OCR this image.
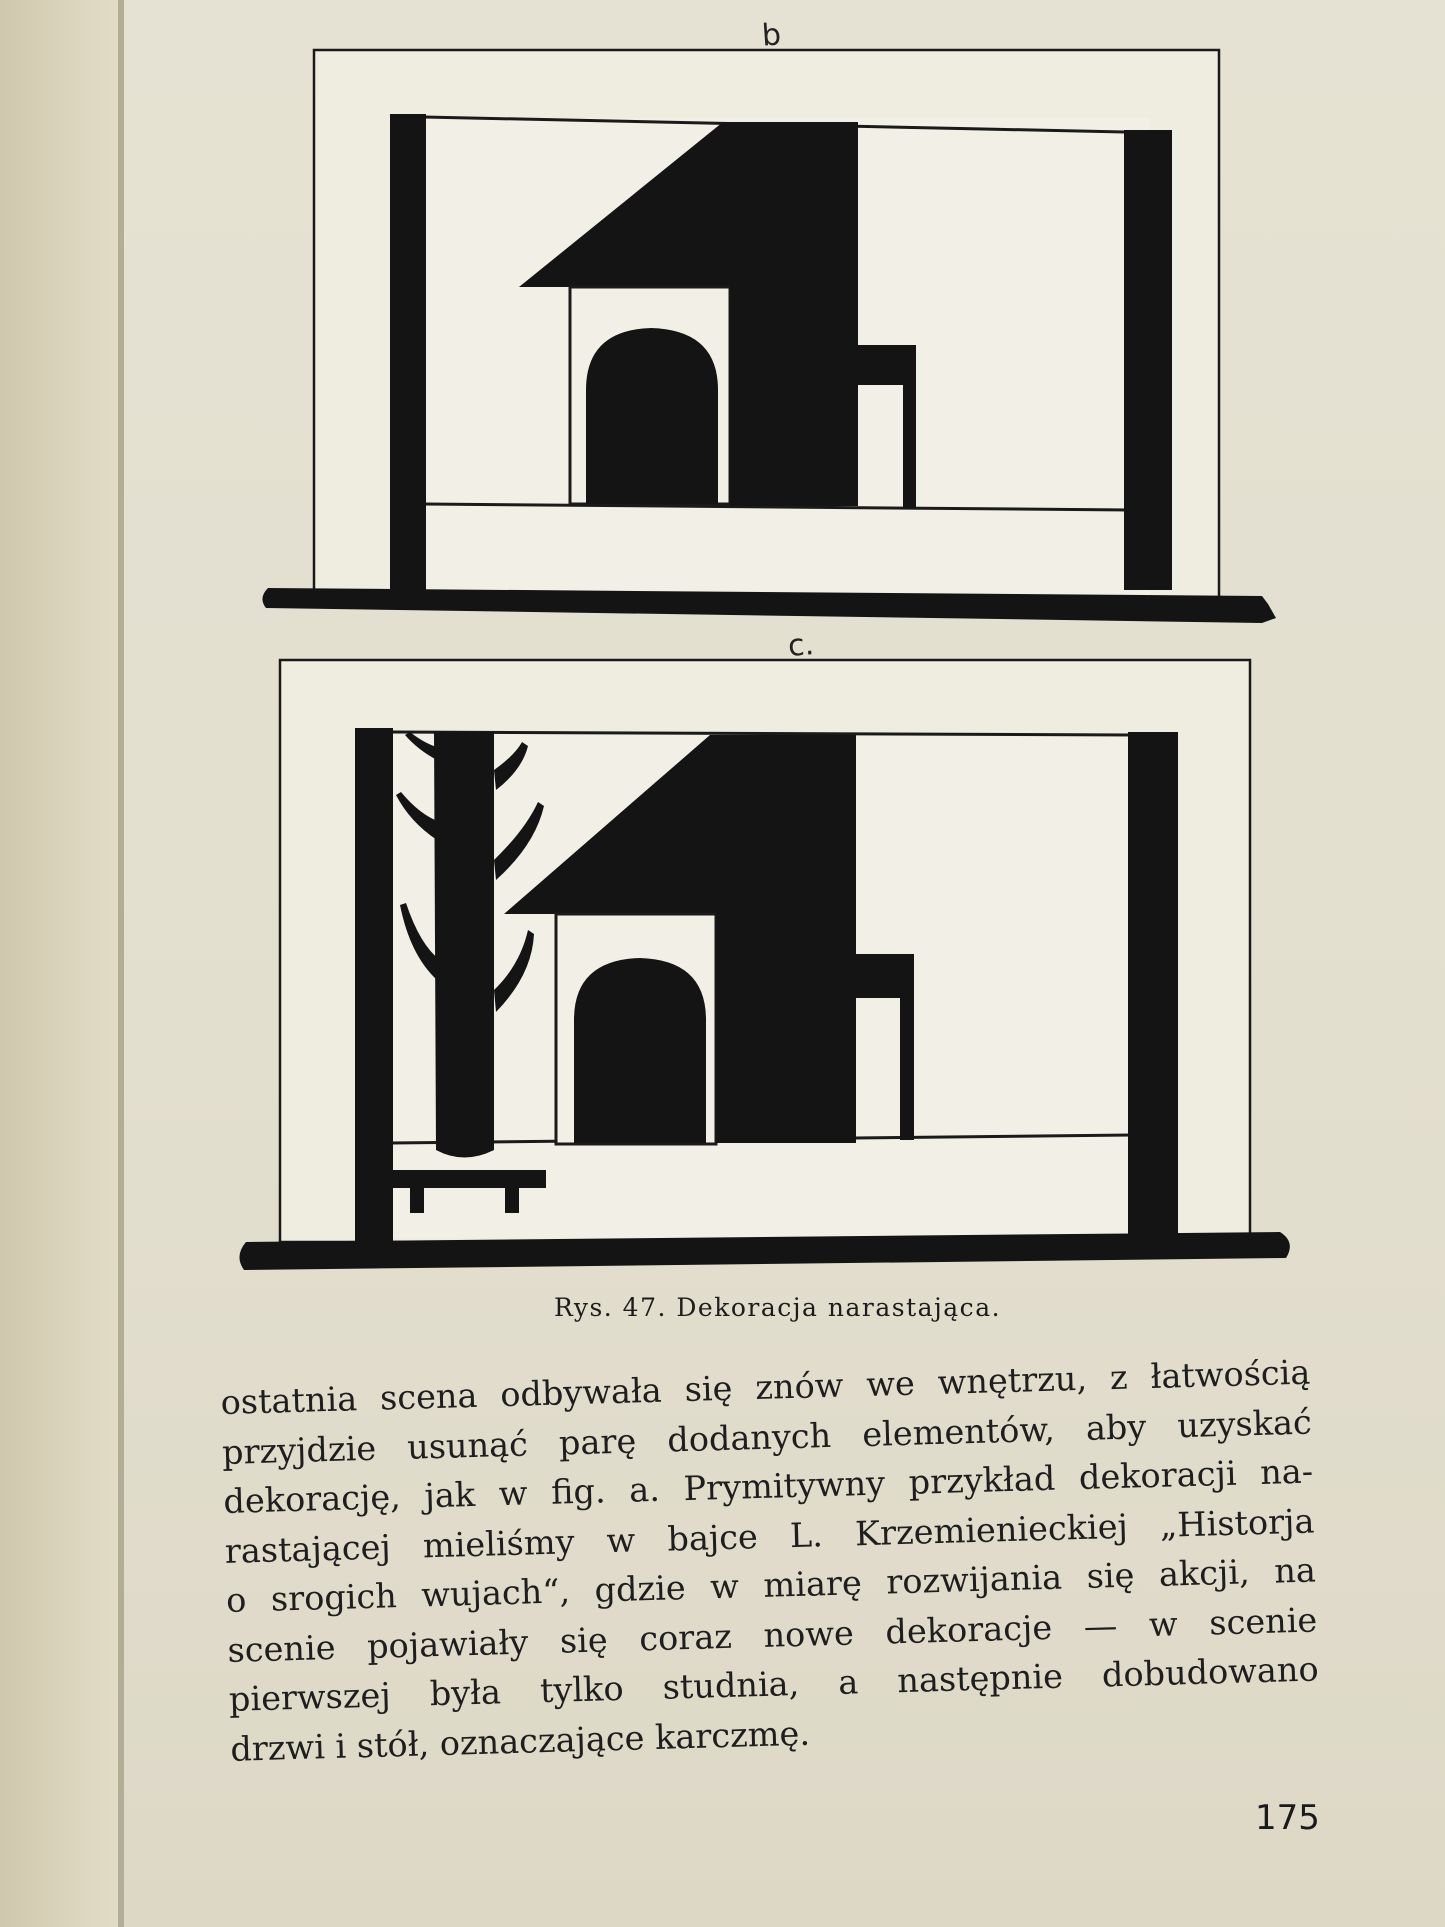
b
c.
Rys. 47. Dekoracja narastająca.
ostatnia scena odbywała się znów we wnętrzu, z łatwością
przyjdzie usunąć parę dodanych elementów, aby uzyskać
dekorację, jak w fig. a. Prymitywny przykład dekoracji na-
rastającej mieliśmy w bajce L. Krzemienieckiej „Historja
o srogich wujach“, gdzie w miarę rozwijania się akcji, na
scenie pojawiały się coraz nowe dekoracje — w scenie
pierwszej była tylko studnia, a następnie dobudowano
drzwi i stół, oznaczające karczmę.
175
